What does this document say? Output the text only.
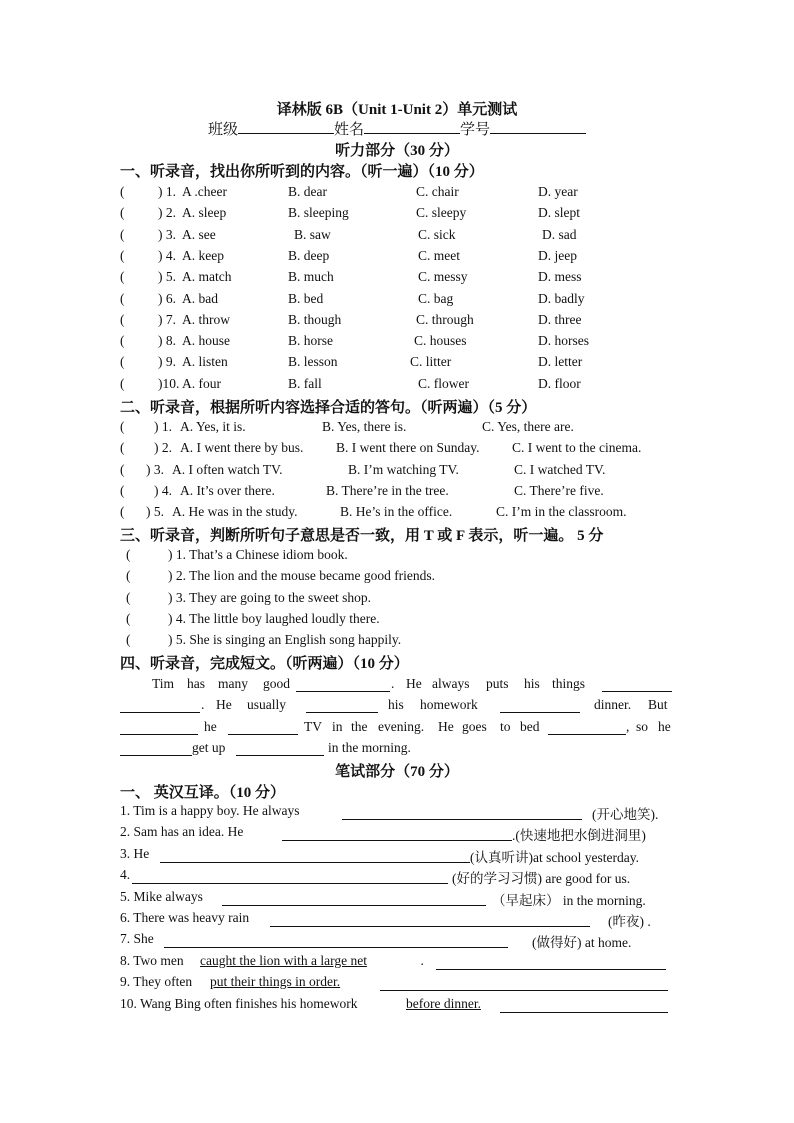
译林版 6B（Unit 1-Unit 2）单元测试
班级	姓名	学号
听力部分（30 分）
一、听录音，找出你所听到的内容。（听一遍）（10 分）
( ) 1. A .cheer	B. dear	C. chair	D. year
( ) 2. A. sleep	B. sleeping	C. sleepy	D. slept
( ) 3. A. see	B. saw	C. sick	D. sad
( ) 4. A. keep	B. deep	C. meet	D. jeep
( ) 5. A. match	B. much	C. messy	D. mess
( ) 6. A. bad	B. bed	C. bag	D. badly
( ) 7. A. throw	B. though	C. through	D. three
( ) 8. A. house	B. horse	C. houses	D. horses
( ) 9. A. listen	B. lesson	C. litter	D. letter
( )10. A. four	B. fall	C. flower	D. floor
二、听录音，根据所听内容选择合适的答句。（听两遍）（5 分）
( ) 1. A. Yes, it is.	B. Yes, there is.	C. Yes, there are.
( ) 2. A. I went there by bus. B. I went there on Sunday. C. I went to the cinema.
( ) 3. A. I often watch TV.	B. I’m watching TV.	C. I watched TV.
( ) 4. A. It’s over there.	B. There’re in the tree.	C. There’re five.
( ) 5. A. He was in the study.	B. He’s in the office.	C. I’m in the classroom.
三、听录音，判断所听句子意思是否一致，用 T 或 F 表示，听一遍。 5 分
(	) 1. That’s a Chinese idiom book.
(	) 2. The lion and the mouse became good friends.
(	) 3. They are going to the sweet shop.
(	) 4. The little boy laughed loudly there.
(	) 5. She is singing an English song happily.
四、听录音，完成短文。（听两遍）（10 分）
Tim has many good	. He always puts his things
. He usually	his homework	dinner. But
he	TV in the evening. He goes to bed	, so he
get up	in the morning.
笔试部分（70 分）
一、 英汉互译。（10 分）
1. Tim is a happy boy. He always	(开心地笑).
2. Sam has an idea. He	.(快速地把水倒进洞里)
3. He	(认真听讲)at school yesterday.
4.	(好的学习习惯) are good for us.
5. Mike always	（早起床） in the morning.
6. There was heavy rain	(昨夜) .
7. She	(做得好) at home.
8. Two men caught the lion with a large net	.
9. They often put their things in order.
10. Wang Bing often finishes his homework	before dinner.
